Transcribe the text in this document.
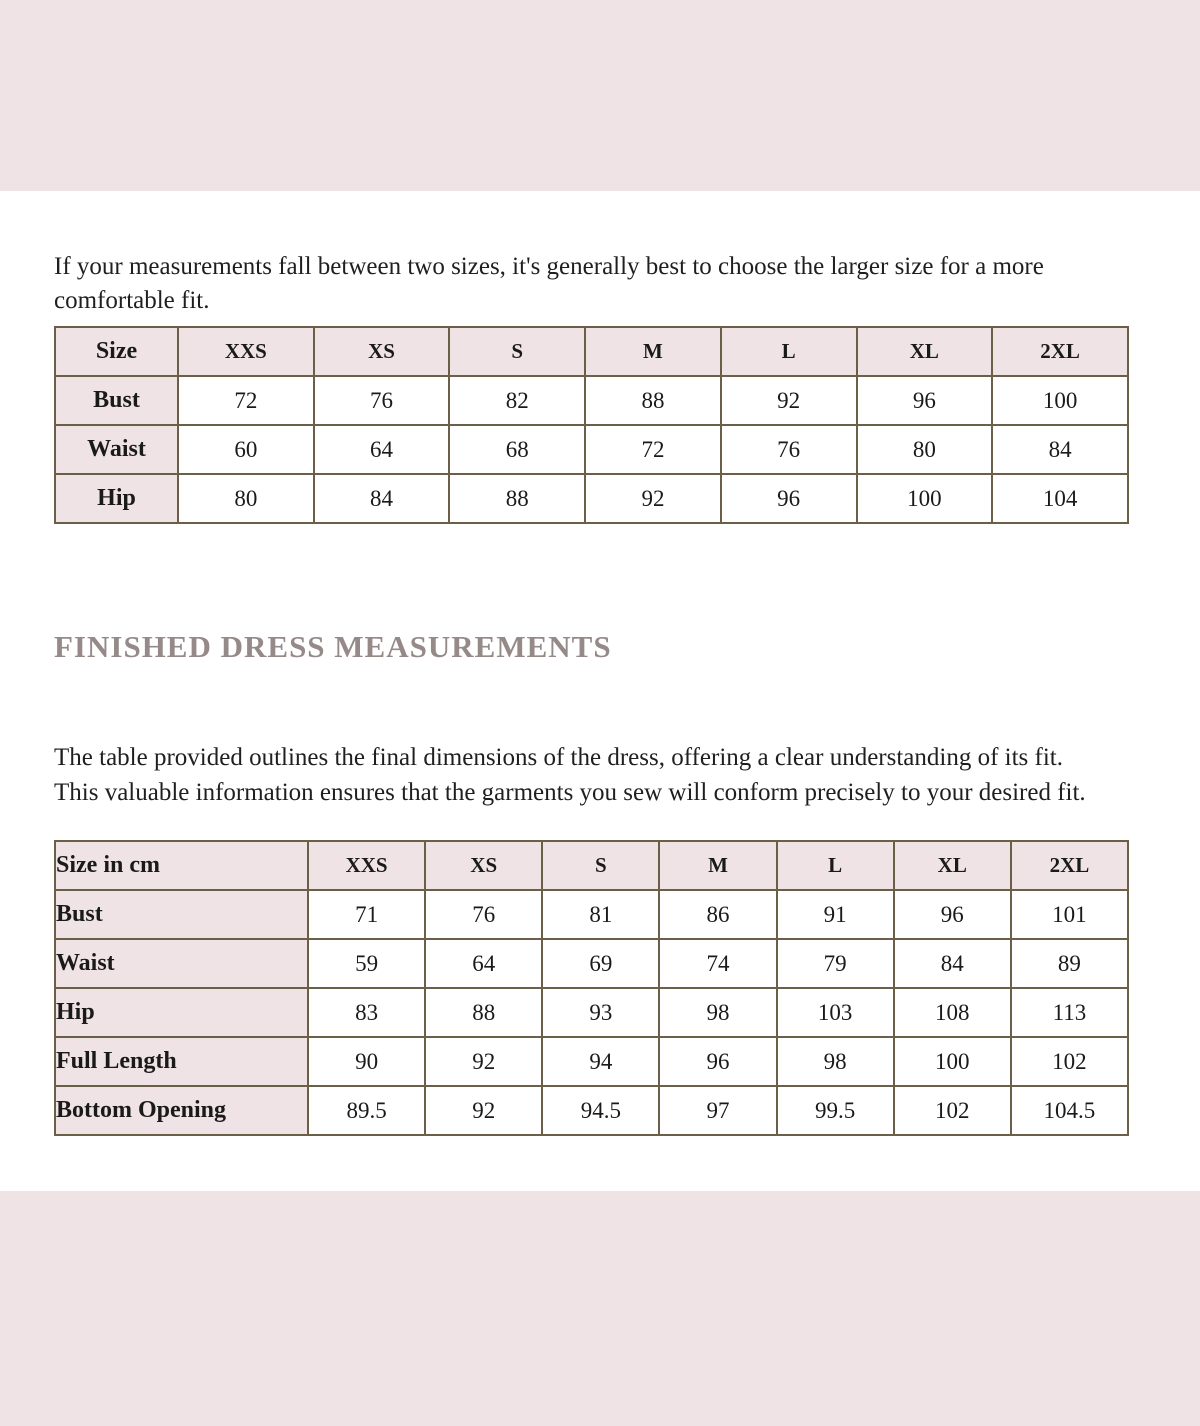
If your measurements fall between two sizes, it's generally best to choose the larger size for a more comfortable fit.

Size	XXS	XS	S	M	L	XL	2XL
Bust	72	76	82	88	92	96	100
Waist	60	64	68	72	76	80	84
Hip	80	84	88	92	96	100	104
FINISHED DRESS MEASUREMENTS

The table provided outlines the final dimensions of the dress, offering a clear understanding of its fit. This valuable information ensures that the garments you sew will conform precisely to your desired fit.

Size in cm	XXS	XS	S	M	L	XL	2XL
Bust	71	76	81	86	91	96	101
Waist	59	64	69	74	79	84	89
Hip	83	88	93	98	103	108	113
Full Length	90	92	94	96	98	100	102
Bottom Opening	89.5	92	94.5	97	99.5	102	104.5
